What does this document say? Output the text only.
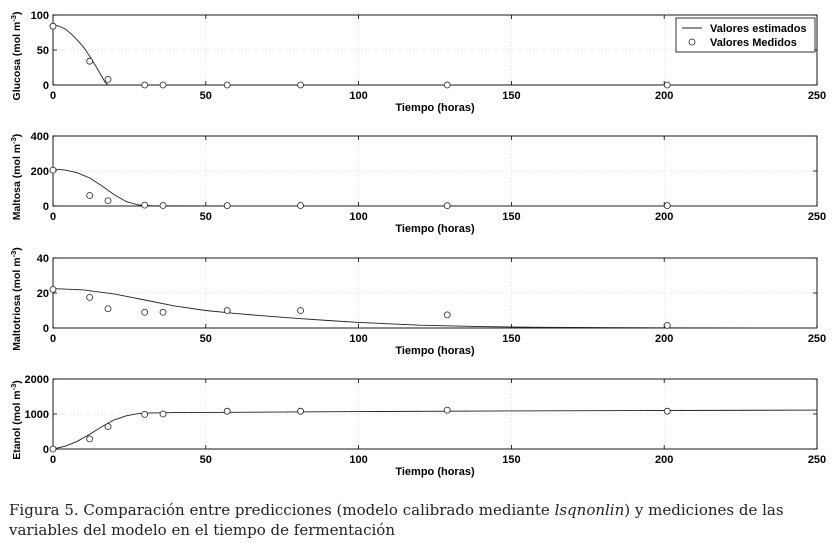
0	50	100	150	200	250
0
50
100
Tiempo (horas)
Glucosa (mol $m^{-3}$)
Valores estimados
Valores Medidos
0	50	100	150	200	250
0
200
400
Tiempo (horas)
Maltosa (mol $m^{-3}$)
0	50	100	150	200	250
0
20
40
Tiempo (horas)
Maltotriosa (mol $m^{-3}$)
0	50	100	150	200	250
0
1000
2000
Tiempo (horas)
Etanol (mol $m^{-3}$)
Figura 5. Comparación entre predicciones (modelo calibrado mediante lsqnonlin) y mediciones de las variables del modelo en el tiempo de fermentación
